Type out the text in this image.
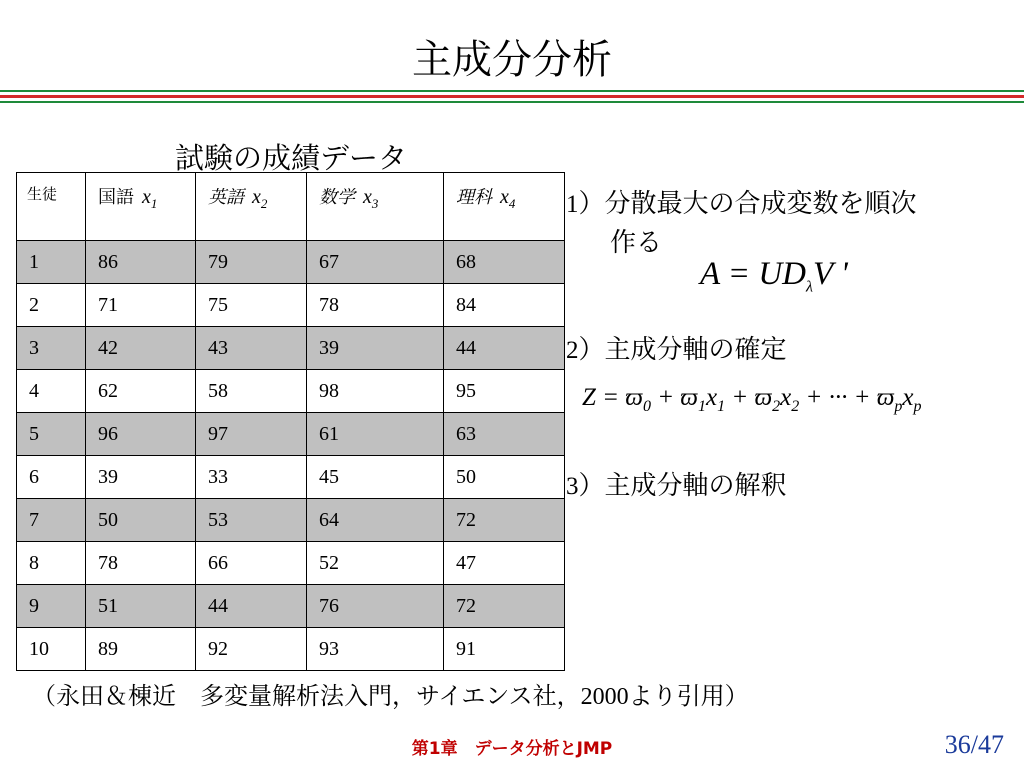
主成分分析
試験の成績データ
生徒	国語 $x_1$	英語 $x_2$	数学 $x_3$	理科 $x_4$
1	86	79	67	68
2	71	75	78	84
3	42	43	39	44
4	62	58	98	95
5	96	97	61	63
6	39	33	45	50
7	50	53	64	72
8	78	66	52	47
9	51	44	76	72
10	89	92	93	91
1）分散最大の合成変数を順次
作る
$A = UD_\lambda V$ '
2）主成分軸の確定
$Z = ϖ_0 + ϖ_1x_1 + ϖ_2x_2$ + ··· + $ϖ_px_p$
3）主成分軸の解釈
（永田＆棟近　多変量解析法入門，サイエンス社，2000より引用）
第1章　データ分析とJMP	36/47
